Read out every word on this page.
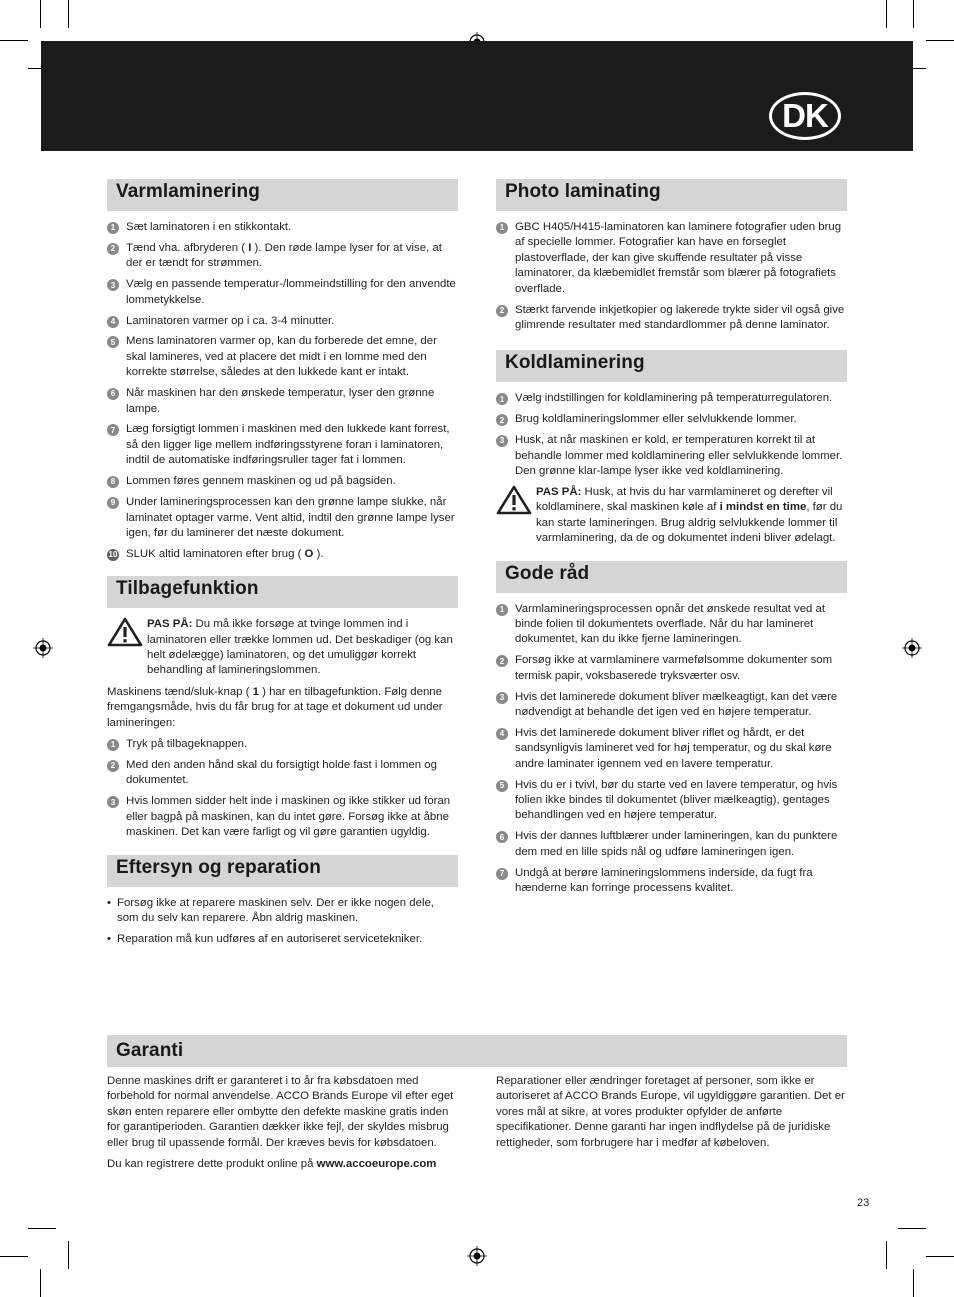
DK
Varmlaminering
1 Sæt laminatoren i en stikkontakt.
2 Tænd vha. afbryderen ( I ). Den røde lampe lyser for at vise, at der er tændt for strømmen.
3 Vælg en passende temperatur-/lommeindstilling for den anvendte lommetykkelse.
4 Laminatoren varmer op i ca. 3-4 minutter.
5 Mens laminatoren varmer op, kan du forberede det emne, der skal lamineres, ved at placere det midt i en lomme med den korrekte størrelse, således at den lukkede kant er intakt.
6 Når maskinen har den ønskede temperatur, lyser den grønne lampe.
7 Læg forsigtigt lommen i maskinen med den lukkede kant forrest, så den ligger lige mellem indføringsstyrene foran i laminatoren, indtil de automatiske indføringsruller tager fat i lommen.
8 Lommen føres gennem maskinen og ud på bagsiden.
9 Under lamineringsprocessen kan den grønne lampe slukke, når laminatet optager varme. Vent altid, indtil den grønne lampe lyser igen, før du laminerer det næste dokument.
10 SLUK altid laminatoren efter brug ( O ).
Tilbagefunktion
PAS PÅ: Du må ikke forsøge at tvinge lommen ind i laminatoren eller trække lommen ud. Det beskadiger (og kan helt ødelægge) laminatoren, og det umuliggør korrekt behandling af lamineringslommen.

Maskinens tænd/sluk-knap ( 1 ) har en tilbagefunktion. Følg denne fremgangsmåde, hvis du får brug for at tage et dokument ud under lamineringen:

1 Tryk på tilbageknappen.
2 Med den anden hånd skal du forsigtigt holde fast i lommen og dokumentet.
3 Hvis lommen sidder helt inde i maskinen og ikke stikker ud foran eller bagpå på maskinen, kan du intet gøre. Forsøg ikke at åbne maskinen. Det kan være farligt og vil gøre garantien ugyldig.
Eftersyn og reparation
• Forsøg ikke at reparere maskinen selv. Der er ikke nogen dele, som du selv kan reparere. Åbn aldrig maskinen.
• Reparation må kun udføres af en autoriseret servicetekniker.
Photo laminating
1 GBC H405/H415-laminatoren kan laminere fotografier uden brug af specielle lommer. Fotografier kan have en forseglet plastoverflade, der kan give skuffende resultater på visse laminatorer, da klæbemidlet fremstår som blærer på fotografiets overflade.
2 Stærkt farvende inkjetkopier og lakerede trykte sider vil også give glimrende resultater med standardlommer på denne laminator.
Koldlaminering
1 Vælg indstillingen for koldlaminering på temperaturregulatoren.
2 Brug koldlamineringslommer eller selvlukkende lommer.
3 Husk, at når maskinen er kold, er temperaturen korrekt til at behandle lommer med koldlaminering eller selvlukkende lommer. Den grønne klar-lampe lyser ikke ved koldlaminering.
PAS PÅ: Husk, at hvis du har varmlamineret og derefter vil koldlaminere, skal maskinen køle af i mindst en time, før du kan starte lamineringen. Brug aldrig selvlukkende lommer til varmlaminering, da de og dokumentet indeni bliver ødelagt.
Gode råd
1 Varmlamineringsprocessen opnår det ønskede resultat ved at binde folien til dokumentets overflade. Når du har lamineret dokumentet, kan du ikke fjerne lamineringen.
2 Forsøg ikke at varmlaminere varmefølsomme dokumenter som termisk papir, voksbaserede tryksværter osv.
3 Hvis det laminerede dokument bliver mælkeagtigt, kan det være nødvendigt at behandle det igen ved en højere temperatur.
4 Hvis det laminerede dokument bliver riflet og hårdt, er det sandsynligvis lamineret ved for høj temperatur, og du skal køre andre laminater igennem ved en lavere temperatur.
5 Hvis du er i tvivl, bør du starte ved en lavere temperatur, og hvis folien ikke bindes til dokumentet (bliver mælkeagtig), gentages behandlingen ved en højere temperatur.
6 Hvis der dannes luftblærer under lamineringen, kan du punktere dem med en lille spids nål og udføre lamineringen igen.
7 Undgå at berøre lamineringslommens inderside, da fugt fra hænderne kan forringe processens kvalitet.
Garanti

Denne maskines drift er garanteret i to år fra købsdatoen med forbehold for normal anvendelse. ACCO Brands Europe vil efter eget skøn enten reparere eller ombytte den defekte maskine gratis inden for garantiperioden. Garantien dækker ikke fejl, der skyldes misbrug eller brug til upassende formål. Der kræves bevis for købsdatoen.

Du kan registrere dette produkt online på www.accoeurope.com

Reparationer eller ændringer foretaget af personer, som ikke er autoriseret af ACCO Brands Europe, vil ugyldiggøre garantien. Det er vores mål at sikre, at vores produkter opfylder de anførte specifikationer. Denne garanti har ingen indflydelse på de juridiske rettigheder, som forbrugere har i medfør af købeloven.

23
